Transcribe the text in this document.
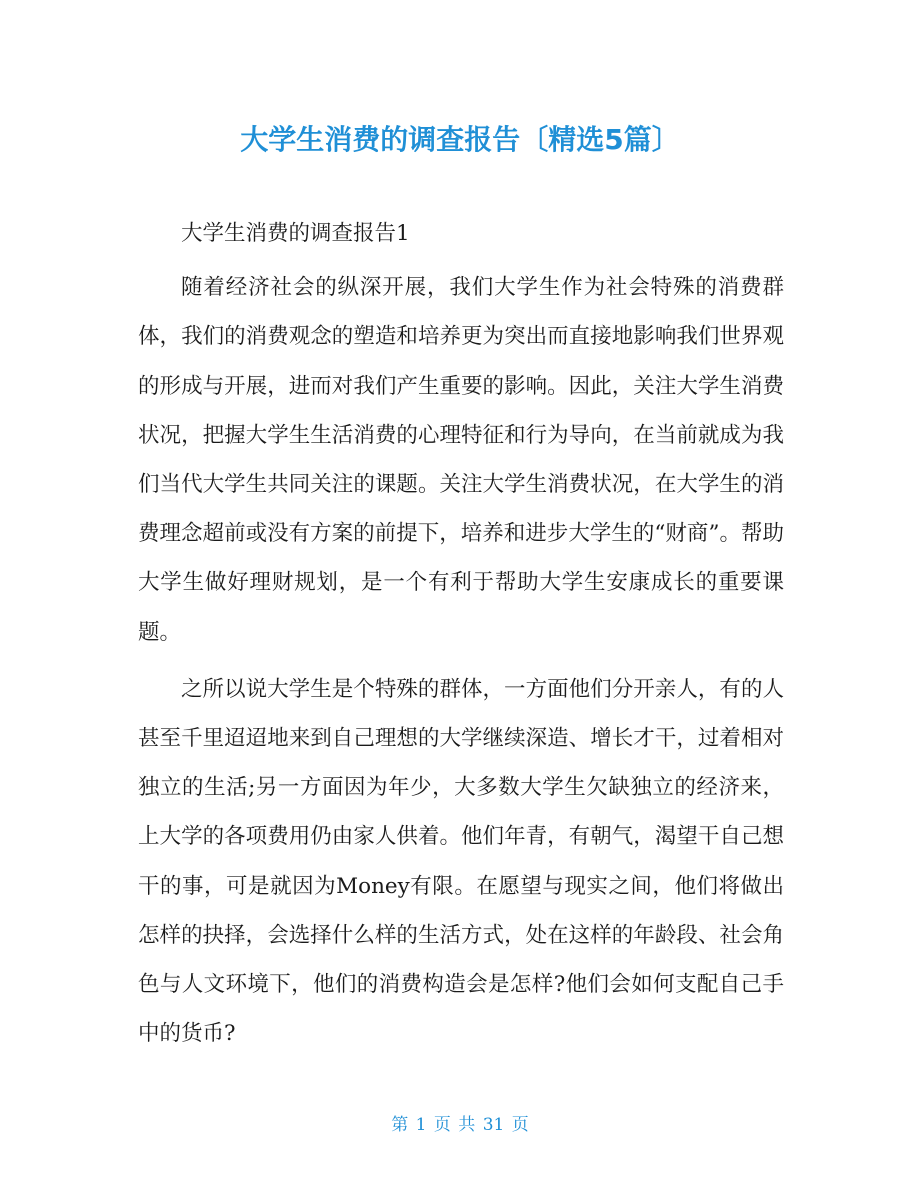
大学生消费的调查报告〔精选5篇〕

大学生消费的调查报告1

随着经济社会的纵深开展，我们大学生作为社会特殊的消费群体，我们的消费观念的塑造和培养更为突出而直接地影响我们世界观的形成与开展，进而对我们产生重要的影响。因此，关注大学生消费状况，把握大学生生活消费的心理特征和行为导向，在当前就成为我们当代大学生共同关注的课题。关注大学生消费状况，在大学生的消费理念超前或没有方案的前提下，培养和进步大学生的“财商”。帮助大学生做好理财规划，是一个有利于帮助大学生安康成长的重要课题。

之所以说大学生是个特殊的群体，一方面他们分开亲人，有的人甚至千里迢迢地来到自己理想的大学继续深造、增长才干，过着相对独立的生活;另一方面因为年少，大多数大学生欠缺独立的经济来，上大学的各项费用仍由家人供着。他们年青，有朝气，渴望干自己想干的事，可是就因为Money有限。在愿望与现实之间，他们将做出怎样的抉择，会选择什么样的生活方式，处在这样的年龄段、社会角色与人文环境下，他们的消费构造会是怎样?他们会如何支配自己手中的货币?

第 1 页 共 31 页
